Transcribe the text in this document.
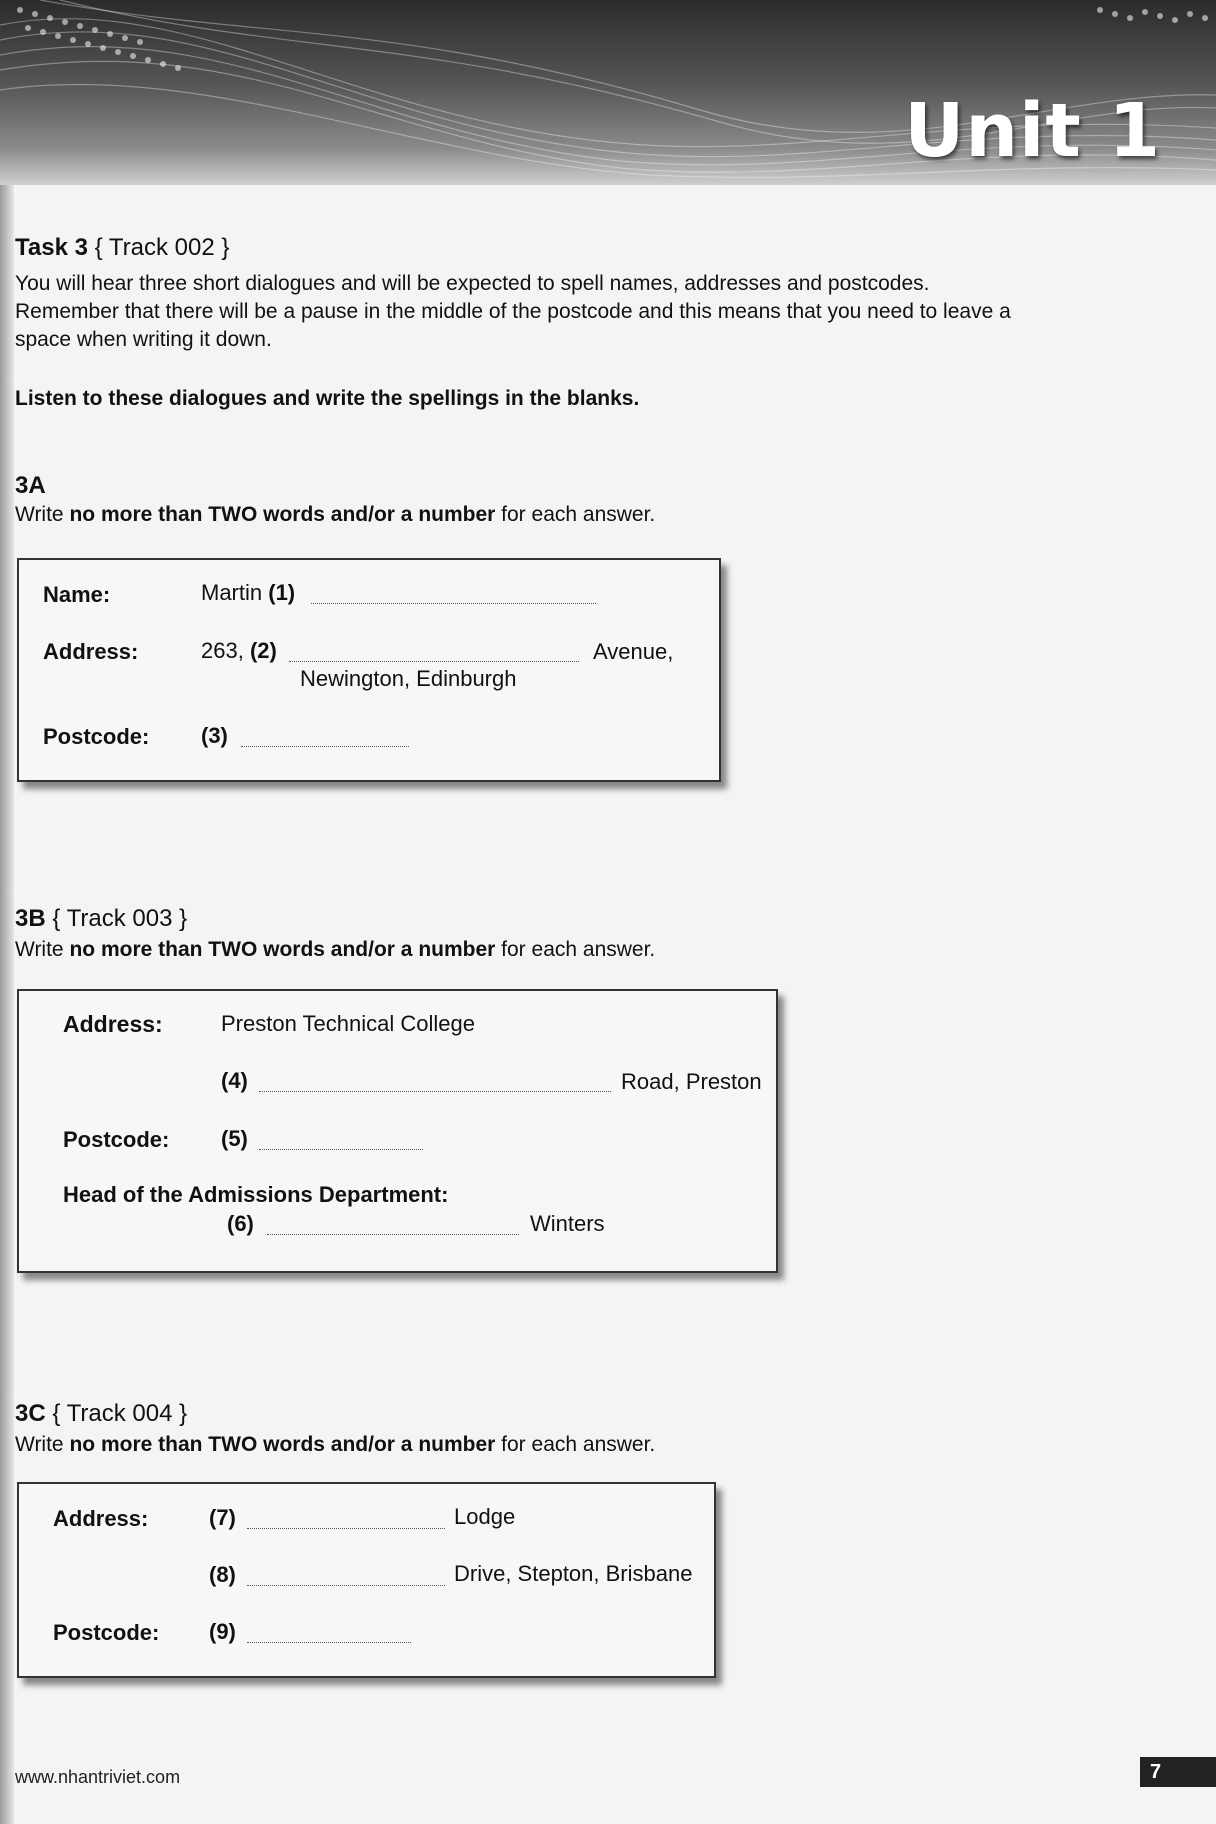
Unit 1
Task 3 { Track 002 }
You will hear three short dialogues and will be expected to spell names, addresses and postcodes.
Remember that there will be a pause in the middle of the postcode and this means that you need to leave a
space when writing it down.
Listen to these dialogues and write the spellings in the blanks.
3A
Write no more than TWO words and/or a number for each answer.
Name:	Martin (1)
Address:	263, (2)	Avenue,
Newington, Edinburgh
Postcode: (3)
3B { Track 003 }
Write no more than TWO words and/or a number for each answer.
Address:	Preston Technical College
(4)	Road, Preston
Postcode: (5)
Head of the Admissions Department:
(6)	Winters
3C { Track 004 }
Write no more than TWO words and/or a number for each answer.
Address:	(7)	Lodge
(8)	Drive, Stepton, Brisbane
Postcode: (9)
www.nhantriviet.com	7
